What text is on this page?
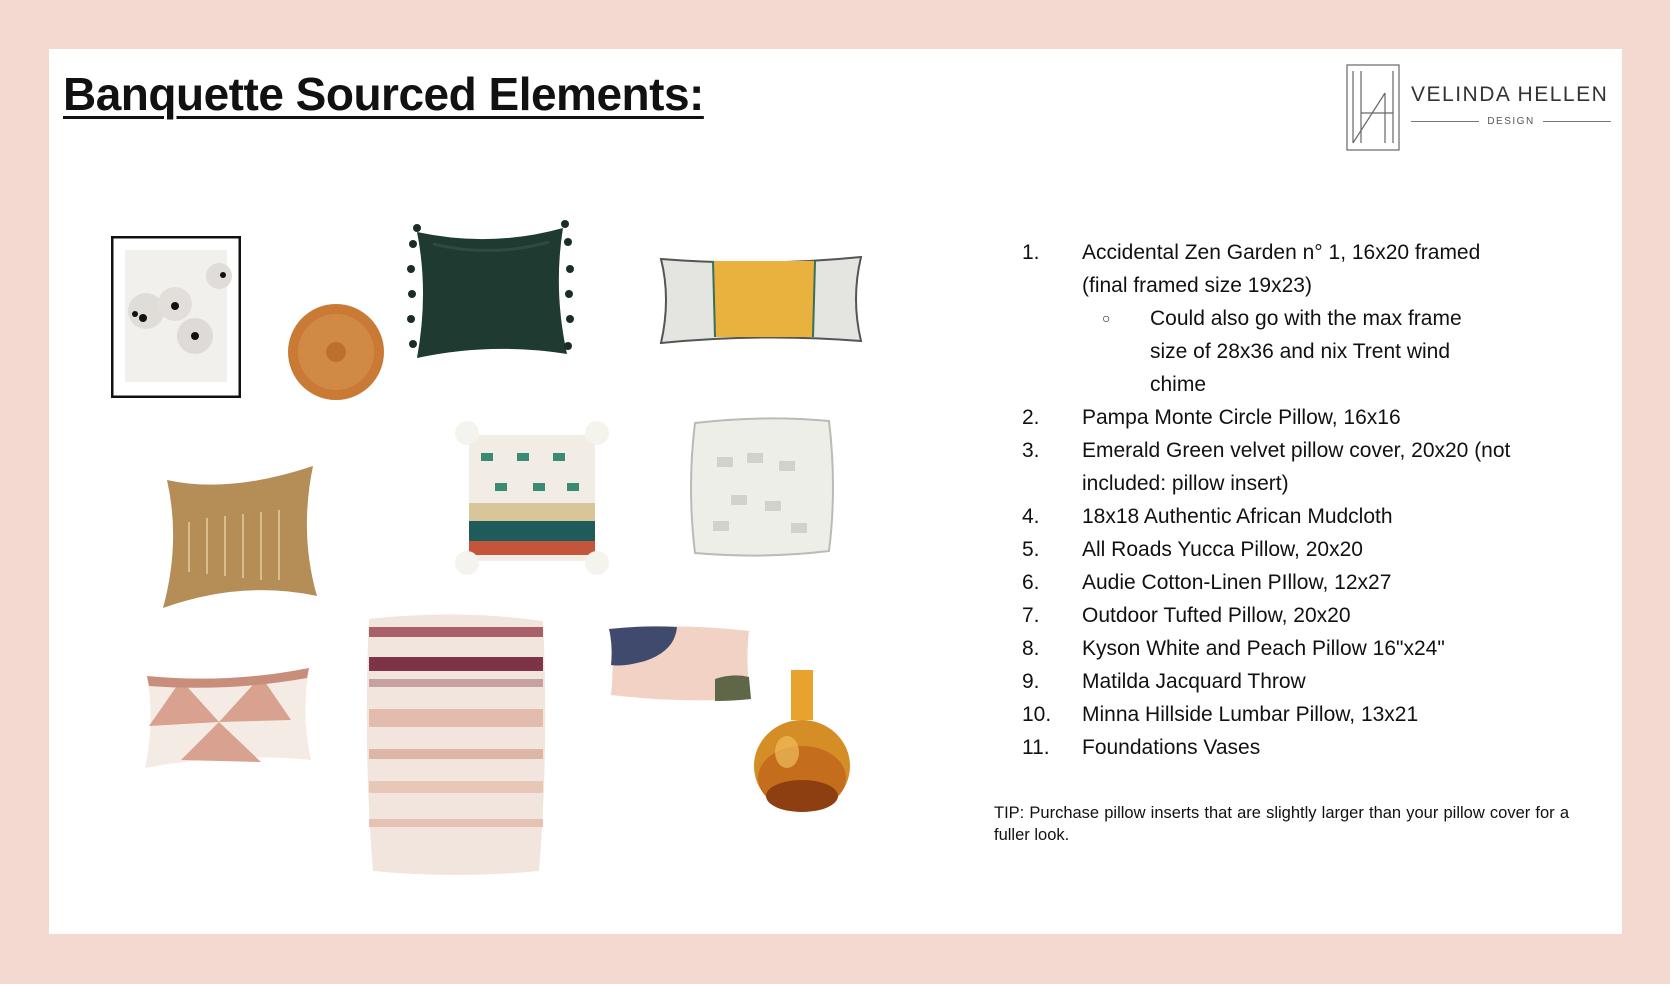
Banquette Sourced Elements:	VELINDA HELLEN
DESIGN
1.	Accidental Zen Garden n° 1, 16x20 framed (final framed size 19x23)
○	Could also go with the max frame size of 28x36 and nix Trent wind chime
2.	Pampa Monte Circle Pillow, 16x16
3.	Emerald Green velvet pillow cover, 20x20 (not included: pillow insert)
4.	18x18 Authentic African Mudcloth
5.	All Roads Yucca Pillow, 20x20
6.	Audie Cotton-Linen PIllow, 12x27
7.	Outdoor Tufted Pillow, 20x20
8.	Kyson White and Peach Pillow 16"x24"
9.	Matilda Jacquard Throw
10.	Minna Hillside Lumbar Pillow, 13x21
11.	Foundations Vases

TIP: Purchase pillow inserts that are slightly larger than your pillow cover for a fuller look.
